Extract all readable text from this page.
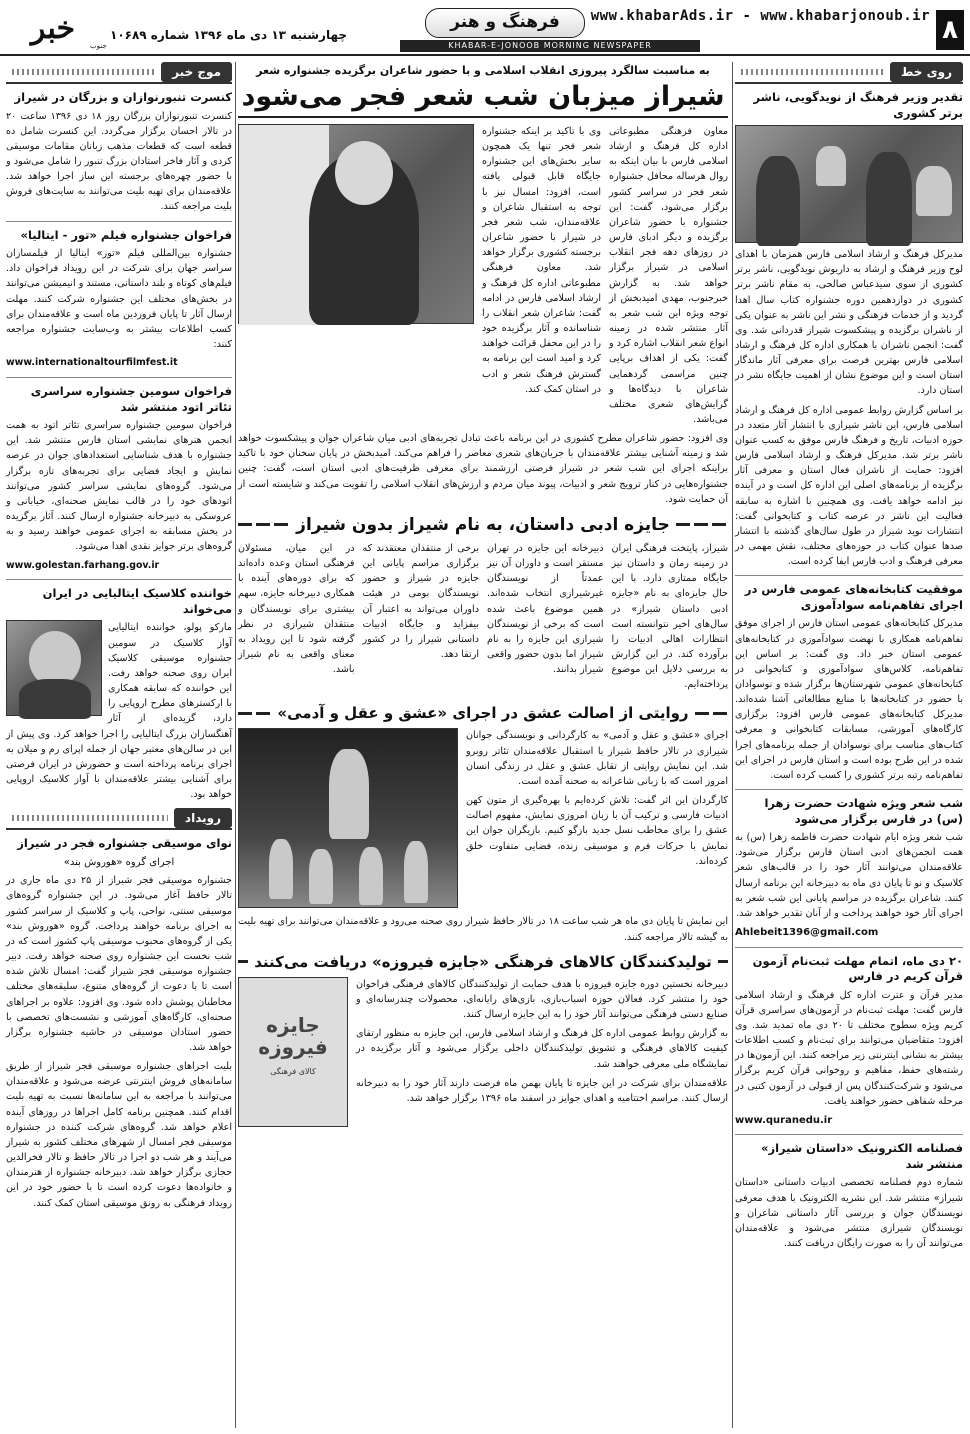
۸
www.khabarAds.ir - www.khabarjonoub.ir
فرهنگ و هنر
KHABAR-E-JONOOB MORNING NEWSPAPER
چهارشنبه ۱۳ دی ماه ۱۳۹۶ شماره ۱۰۶۸۹
خبر جنوب
روی خط
تقدیر وزیر فرهنگ از نوید‌گویی، ناشر برتر کشوری

مدیرکل فرهنگ و ارشاد اسلامی فارس همزمان با اهدای لوح وزیر فرهنگ و ارشاد به داریوش نوید‌گویی، ناشر برتر کشوری از سوی سیدعباس صالحی، به مقام ناشر برتر کشوری در دوازدهمین دوره جشنواره کتاب سال اهدا گردید و از خدمات فرهنگی و نشر این ناشر به عنوان یکی از ناشران برگزیده و پیشکسوت شیراز قدردانی شد. وی گفت: انجمن ناشران با همکاری اداره کل فرهنگ و ارشاد اسلامی فارس بهترین فرصت برای معرفی آثار ماندگار استان است و این موضوع نشان از اهمیت جایگاه نشر در استان دارد.

بر اساس گزارش روابط عمومی اداره کل فرهنگ و ارشاد اسلامی فارس، این ناشر شیرازی با انتشار آثار متعدد در حوزه ادبیات، تاریخ و فرهنگ فارس موفق به کسب عنوان ناشر برتر شد. مدیرکل فرهنگ و ارشاد اسلامی فارس افزود: حمایت از ناشران فعال استان و معرفی آثار برگزیده از برنامه‌های اصلی این اداره کل است و در آینده نیز ادامه خواهد یافت. وی همچنین با اشاره به سابقه فعالیت این ناشر در عرصه کتاب و کتابخوانی گفت: انتشارات نوید شیراز در طول سال‌های گذشته با انتشار صدها عنوان کتاب در حوزه‌های مختلف، نقش مهمی در معرفی فرهنگ و ادب فارس ایفا کرده است.

موفقیت کتابخانه‌های عمومی فارس در اجرای تفاهم‌نامه سوادآموزی

مدیرکل کتابخانه‌های عمومی استان فارس از اجرای موفق تفاهم‌نامه همکاری با نهضت سوادآموزی در کتابخانه‌های عمومی استان خبر داد. وی گفت: بر اساس این تفاهم‌نامه، کلاس‌های سوادآموزی و کتابخوانی در کتابخانه‌های عمومی شهرستان‌ها برگزار شده و نوسوادان با حضور در کتابخانه‌ها با منابع مطالعاتی آشنا شده‌اند. مدیرکل کتابخانه‌های عمومی فارس افزود: برگزاری کارگاه‌های آموزشی، مسابقات کتابخوانی و معرفی کتاب‌های مناسب برای نوسوادان از جمله برنامه‌های اجرا شده در این طرح بوده است و استان فارس در اجرای این تفاهم‌نامه رتبه برتر کشوری را کسب کرده است.

شب شعر ویژه شهادت حضرت زهرا (س) در فارس برگزار می‌شود

شب شعر ویژه ایام شهادت حضرت فاطمه زهرا (س) به همت انجمن‌های ادبی استان فارس برگزار می‌شود. علاقه‌مندان می‌توانند آثار خود را در قالب‌های شعر کلاسیک و نو تا پایان دی ماه به دبیرخانه این برنامه ارسال کنند. شاعران برگزیده در مراسم پایانی این شب شعر به اجرای آثار خود خواهند پرداخت و از آنان تقدیر خواهد شد.

Ahlebeit1396@gmail.com
۲۰ دی ماه، اتمام مهلت ثبت‌نام آزمون قرآن کریم در فارس

مدیر قرآن و عترت اداره کل فرهنگ و ارشاد اسلامی فارس گفت: مهلت ثبت‌نام در آزمون‌های سراسری قرآن کریم ویژه سطوح مختلف تا ۲۰ دی ماه تمدید شد. وی افزود: متقاضیان می‌توانند برای ثبت‌نام و کسب اطلاعات بیشتر به نشانی اینترنتی زیر مراجعه کنند. این آزمون‌ها در رشته‌های حفظ، مفاهیم و روخوانی قرآن کریم برگزار می‌شود و شرکت‌کنندگان پس از قبولی در آزمون کتبی در مرحله شفاهی حضور خواهند یافت.

www.quranedu.ir
فصلنامه الکترونیک «داستان شیراز» منتشر شد

شماره دوم فصلنامه تخصصی ادبیات داستانی «داستان شیراز» منتشر شد. این نشریه الکترونیک با هدف معرفی نویسندگان جوان و بررسی آثار داستانی شاعران و نویسندگان شیرازی منتشر می‌شود و علاقه‌مندان می‌توانند آن را به صورت رایگان دریافت کنند.

به مناسبت سالگرد پیروزی انقلاب اسلامی و با حضور شاعران برگزیده جشنواره شعر
شیراز میزبان شب شعر فجر می‌شود

معاون فرهنگی مطبوعاتی اداره کل فرهنگ و ارشاد اسلامی فارس با بیان اینکه به روال هرساله محافل جشنواره شعر فجر در سراسر کشور برگزار می‌شود، گفت: این جشنواره با حضور شاعران برگزیده و دیگر ادبای فارس در روزهای دهه فجر انقلاب اسلامی در شیراز برگزار خواهد شد. به گزارش خبرجنوب، مهدی امیدبخش از توجه ویژه این شب شعر به آثار منتشر شده در زمینه انواع شعر انقلاب اشاره کرد و گفت: یکی از اهداف برپایی چنین مراسمی گردهمایی شاعران با دیدگاه‌ها و گرایش‌های شعری مختلف می‌باشد.

وی با تاکید بر اینکه جشنواره شعر فجر تنها یک همچون سایر بخش‌های این جشنواره جایگاه قابل قبولی یافته است، افزود: امسال نیز با توجه به استقبال شاعران و علاقه‌مندان، شب شعر فجر در شیراز با حضور شاعران برجسته کشوری برگزار خواهد شد. معاون فرهنگی مطبوعاتی اداره کل فرهنگ و ارشاد اسلامی فارس در ادامه گفت: شاعران شعر انقلاب را شناسانده و آثار برگزیده خود را در این محفل قرائت خواهند کرد و امید است این برنامه به گسترش فرهنگ شعر و ادب در استان کمک کند.

وی افزود: حضور شاعران مطرح کشوری در این برنامه باعث تبادل تجربه‌های ادبی میان شاعران جوان و پیشکسوت خواهد شد و زمینه آشنایی بیشتر علاقه‌مندان با جریان‌های شعری معاصر را فراهم می‌کند. امیدبخش در پایان سخنان خود با تاکید براینکه اجرای این شب شعر در شیراز فرصتی ارزشمند برای معرفی ظرفیت‌های ادبی استان است، گفت: چنین جشنواره‌هایی در کنار ترویج شعر و ادبیات، پیوند میان مردم و ارزش‌های انقلاب اسلامی را تقویت می‌کند و شایسته است از آن حمایت شود.

جایزه ادبی داستان، به نام شیراز بدون شیراز

شیراز، پایتخت فرهنگی ایران در زمینه رمان و داستان نیز جایگاه ممتازی دارد. با این حال جایزه‌ای به نام «جایزه ادبی داستان شیراز» در سال‌های اخیر نتوانسته است انتظارات اهالی ادبیات را برآورده کند. در این گزارش به بررسی دلایل این موضوع پرداخته‌ایم.

دبیرخانه این جایزه در تهران مستقر است و داوران آن نیز عمدتاً از نویسندگان غیرشیرازی انتخاب شده‌اند. همین موضوع باعث شده است که برخی از نویسندگان شیرازی این جایزه را به نام شیراز اما بدون حضور واقعی شیراز بدانند.

برخی از منتقدان معتقدند که برگزاری مراسم پایانی این جایزه در شیراز و حضور نویسندگان بومی در هیئت داوران می‌تواند به اعتبار آن بیفزاید و جایگاه ادبیات داستانی شیراز را در کشور ارتقا دهد.

در این میان، مسئولان فرهنگی استان وعده داده‌اند که برای دوره‌های آینده با همکاری دبیرخانه جایزه، سهم بیشتری برای نویسندگان و منتقدان شیرازی در نظر گرفته شود تا این رویداد به معنای واقعی به نام شیراز باشد.

روایتی از اصالت عشق در اجرای «عشق و عقل و آدمی»

اجرای «عشق و عقل و آدمی» به کارگردانی و نویسندگی جوانان شیرازی در تالار حافظ شیراز با استقبال علاقه‌مندان تئاتر روبرو شد. این نمایش روایتی از تقابل عشق و عقل در زندگی انسان امروز است که با زبانی شاعرانه به صحنه آمده است.

کارگردان این اثر گفت: تلاش کرده‌ایم با بهره‌گیری از متون کهن ادبیات فارسی و ترکیب آن با زبان امروزی نمایش، مفهوم اصالت عشق را برای مخاطب نسل جدید بازگو کنیم. بازیگران جوان این نمایش با حرکات فرم و موسیقی زنده، فضایی متفاوت خلق کرده‌اند.

این نمایش تا پایان دی ماه هر شب ساعت ۱۸ در تالار حافظ شیراز روی صحنه می‌رود و علاقه‌مندان می‌توانند برای تهیه بلیت به گیشه تالار مراجعه کنند.

تولیدکنندگان کالاهای فرهنگی «جایزه فیروزه» دریافت می‌کنند
جایزه فیروزه
کالای فرهنگی

دبیرخانه نخستین دوره جایزه فیروزه با هدف حمایت از تولیدکنندگان کالاهای فرهنگی فراخوان خود را منتشر کرد. فعالان حوزه اسباب‌بازی، بازی‌های رایانه‌ای، محصولات چندرسانه‌ای و صنایع دستی فرهنگی می‌توانند آثار خود را به این جایزه ارسال کنند.

به گزارش روابط عمومی اداره کل فرهنگ و ارشاد اسلامی فارس، این جایزه به منظور ارتقای کیفیت کالاهای فرهنگی و تشویق تولیدکنندگان داخلی برگزار می‌شود و آثار برگزیده در نمایشگاه ملی معرفی خواهند شد.

علاقه‌مندان برای شرکت در این جایزه تا پایان بهمن ماه فرصت دارند آثار خود را به دبیرخانه ارسال کنند. مراسم اختتامیه و اهدای جوایز در اسفند ماه ۱۳۹۶ برگزار خواهد شد.

موج خبر
کنسرت تنبورنوازان و بزرگان در شیراز

کنسرت تنبورنوازان بزرگان روز ۱۸ دی ۱۳۹۶ ساعت ۲۰ در تالار احسان برگزار می‌گردد. این کنسرت شامل ده قطعه است که قطعات مذهب زبانان مقامات موسیقی کردی و آثار فاخر استادان بزرگ تنبور را شامل می‌شود و با حضور چهره‌های برجسته این ساز اجرا خواهد شد. علاقه‌مندان برای تهیه بلیت می‌توانند به سایت‌های فروش بلیت مراجعه کنند.

فراخوان جشنواره فیلم «تور - ایتالیا»

جشنواره بین‌المللی فیلم «تور» ایتالیا از فیلمسازان سراسر جهان برای شرکت در این رویداد فراخوان داد. فیلم‌های کوتاه و بلند داستانی، مستند و انیمیشن می‌توانند در بخش‌های مختلف این جشنواره شرکت کنند. مهلت ارسال آثار تا پایان فروردین ماه است و علاقه‌مندان برای کسب اطلاعات بیشتر به وب‌سایت جشنواره مراجعه کنند:

www.internationaltourfilmfest.it

فراخوان سومین جشنواره سراسری تئاتر اتود منتشر شد

فراخوان سومین جشنواره سراسری تئاتر اتود به همت انجمن هنرهای نمایشی استان فارس منتشر شد. این جشنواره با هدف شناسایی استعدادهای جوان در عرصه نمایش و ایجاد فضایی برای تجربه‌های تازه برگزار می‌شود. گروه‌های نمایشی سراسر کشور می‌توانند اتودهای خود را در قالب نمایش صحنه‌ای، خیابانی و عروسکی به دبیرخانه جشنواره ارسال کنند. آثار برگزیده در بخش مسابقه به اجرای عمومی خواهند رسید و به گروه‌های برتر جوایز نقدی اهدا می‌شود.

www.golestan.farhang.gov.ir

خواننده کلاسیک ایتالیایی در ایران می‌خواند

مارکو پولو، خواننده ایتالیایی آواز کلاسیک در سومین جشنواره موسیقی کلاسیک ایران روی صحنه خواهد رفت. این خواننده که سابقه همکاری با ارکسترهای مطرح اروپایی را دارد، گزیده‌ای از آثار آهنگسازان بزرگ ایتالیایی را اجرا خواهد کرد. وی پیش از این در سالن‌های معتبر جهان از جمله اپرای رم و میلان به اجرای برنامه پرداخته است و حضورش در ایران فرصتی برای آشنایی بیشتر علاقه‌مندان با آواز کلاسیک اروپایی خواهد بود.

رویداد
نوای موسیقی جشنواره فجر در شیراز
اجرای گروه «هوروش بند»

جشنواره موسیقی فجر شیراز از ۲۵ دی ماه جاری در تالار حافظ آغاز می‌شود. در این جشنواره گروه‌های موسیقی سنتی، نواحی، پاپ و کلاسیک از سراسر کشور به اجرای برنامه خواهند پرداخت. گروه «هوروش بند» یکی از گروه‌های محبوب موسیقی پاپ کشور است که در شب نخست این جشنواره روی صحنه خواهد رفت. دبیر جشنواره موسیقی فجر شیراز گفت: امسال تلاش شده است تا با دعوت از گروه‌های متنوع، سلیقه‌های مختلف مخاطبان پوشش داده شود. وی افزود: علاوه بر اجراهای صحنه‌ای، کارگاه‌های آموزشی و نشست‌های تخصصی با حضور استادان موسیقی در حاشیه جشنواره برگزار خواهد شد.

بلیت اجراهای جشنواره موسیقی فجر شیراز از طریق سامانه‌های فروش اینترنتی عرضه می‌شود و علاقه‌مندان می‌توانند با مراجعه به این سامانه‌ها نسبت به تهیه بلیت اقدام کنند. همچنین برنامه کامل اجراها در روزهای آینده اعلام خواهد شد. گروه‌های شرکت کننده در جشنواره موسیقی فجر امسال از شهرهای مختلف کشور به شیراز می‌آیند و هر شب دو اجرا در تالار حافظ و تالار فخرالدین حجازی برگزار خواهد شد. دبیرخانه جشنواره از هنرمندان و خانواده‌ها دعوت کرده است تا با حضور خود در این رویداد فرهنگی به رونق موسیقی استان کمک کنند.
